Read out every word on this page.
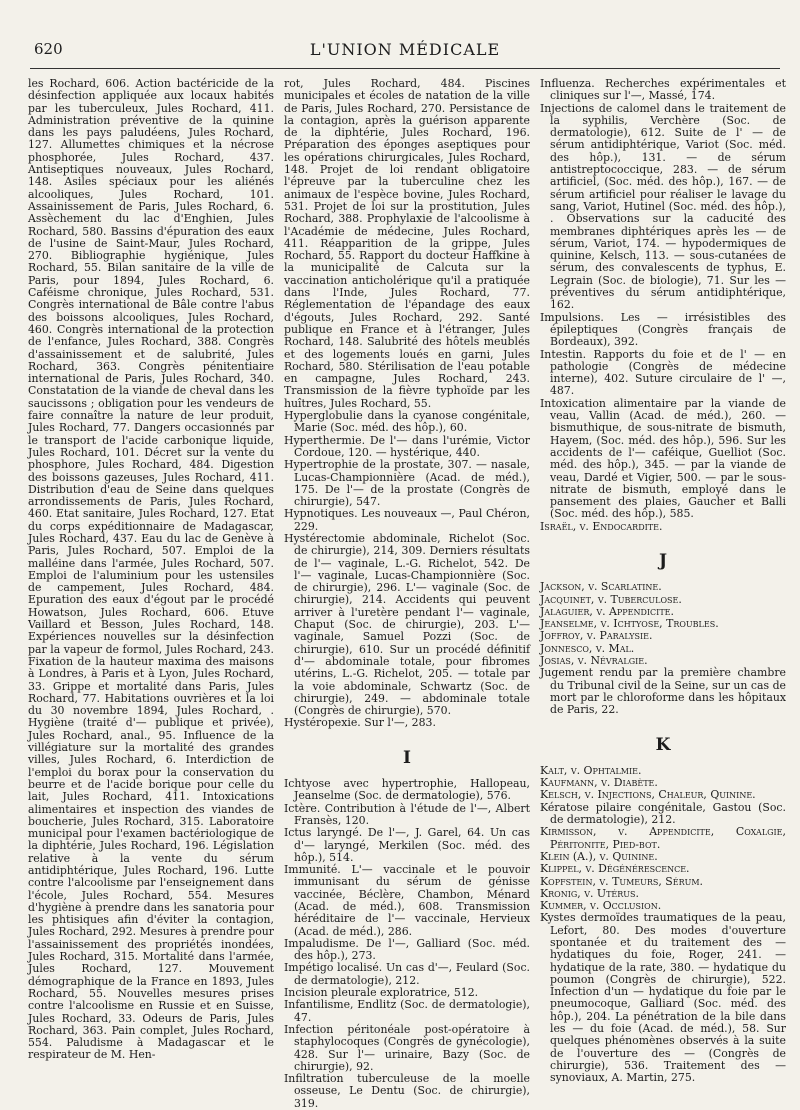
620	L'UNION MÉDICALE

les Rochard, 606. Action bactéricide de la désinfection appliquée aux locaux habités par les tuberculeux, Jules Rochard, 411. Administration préventive de la quinine dans les pays paludéens, Jules Rochard, 127. Allumettes chimiques et la nécrose phosphorée, Jules Rochard, 437. Antiseptiques nouveaux, Jules Rochard, 148. Asiles spéciaux pour les aliénés alcooliques, Jules Rochard, 101. Assainissement de Paris, Jules Rochard, 6. Assèchement du lac d'Enghien, Jules Rochard, 580. Bassins d'épuration des eaux de l'usine de Saint-Maur, Jules Rochard, 270. Bibliographie hygiénique, Jules Rochard, 55. Bilan sanitaire de la ville de Paris, pour 1894, Jules Rochard, 6. Caféisme chronique, Jules Rochard, 531. Congrès international de Bâle contre l'abus des boissons alcooliques, Jules Rochard, 460. Congrès international de la protection de l'enfance, Jules Rochard, 388. Congrès d'assainissement et de salubrité, Jules Rochard, 363. Congrès pénitentiaire international de Paris, Jules Rochard, 340. Constatation de la viande de cheval dans les saucissons ; obligation pour les vendeurs de faire connaître la nature de leur produit, Jules Rochard, 77. Dangers occasionnés par le transport de l'acide carbonique liquide, Jules Rochard, 101. Décret sur la vente du phosphore, Jules Rochard, 484. Digestion des boissons gazeuses, Jules Rochard, 411. Distribution d'eau de Seine dans quelques arrondissements de Paris, Jules Rochard, 460. Etat sanitaire, Jules Rochard, 127. Etat du corps expéditionnaire de Madagascar, Jules Rochard, 437. Eau du lac de Genève à Paris, Jules Rochard, 507. Emploi de la malléine dans l'armée, Jules Rochard, 507. Emploi de l'aluminium pour les ustensiles de campement, Jules Rochard, 484. Epuration des eaux d'égout par le procédé Howatson, Jules Rochard, 606. Etuve Vaillard et Besson, Jules Rochard, 148. Expériences nouvelles sur la désinfection par la vapeur de formol, Jules Rochard, 243. Fixation de la hauteur maxima des maisons à Londres, à Paris et à Lyon, Jules Rochard, 33. Grippe et mortalité dans Paris, Jules Rochard, 77. Habitations ouvrières et la loi du 30 novembre 1894, Jules Rochard, . Hygiène (traité d'— publique et privée), Jules Rochard, anal., 95. Influence de la villégiature sur la mortalité des grandes villes, Jules Rochard, 6. Interdiction de l'emploi du borax pour la conservation du beurre et de l'acide borique pour celle du lait, Jules Rochard, 411. Intoxications alimentaires et inspection des viandes de boucherie, Jules Rochard, 315. Laboratoire municipal pour l'examen bactériologique de la diphtérie, Jules Rochard, 196. Législation relative à la vente du sérum antidiphtérique, Jules Rochard, 196. Lutte contre l'alcoolisme par l'enseignement dans l'école, Jules Rochard, 554. Mesures d'hygiène à prendre dans les sanatoria pour les phtisiques afin d'éviter la contagion, Jules Rochard, 292. Mesures à prendre pour l'assainissement des propriétés inondées, Jules Rochard, 315. Mortalité dans l'armée, Jules Rochard, 127. Mouvement démographique de la France en 1893, Jules Rochard, 55. Nouvelles mesures prises contre l'alcoolisme en Russie et en Suisse, Jules Rochard, 33. Odeurs de Paris, Jules Rochard, 363. Pain complet, Jules Rochard, 554. Paludisme à Madagascar et le respirateur de M. Hen-

rot, Jules Rochard, 484. Piscines municipales et écoles de natation de la ville de Paris, Jules Rochard, 270. Persistance de la contagion, après la guérison apparente de la diphtérie, Jules Rochard, 196. Préparation des éponges aseptiques pour les opérations chirurgicales, Jules Rochard, 148. Projet de loi rendant obligatoire l'épreuve par la tuberculine chez les animaux de l'espèce bovine, Jules Rochard, 531. Projet de loi sur la prostitution, Jules Rochard, 388. Prophylaxie de l'alcoolisme à l'Académie de médecine, Jules Rochard, 411. Réapparition de la grippe, Jules Rochard, 55. Rapport du docteur Haffkine à la municipalité de Calcuta sur la vaccination anticholérique qu'il a pratiquée dans l'Inde, Jules Rochard, 77. Réglementation de l'épandage des eaux d'égouts, Jules Rochard, 292. Santé publique en France et à l'étranger, Jules Rochard, 148. Salubrité des hôtels meublés et des logements loués en garni, Jules Rochard, 580. Stérilisation de l'eau potable en campagne, Jules Rochard, 243. Transmission de la fièvre typhoïde par les huîtres, Jules Rochard, 55.

Hyperglobulie dans la cyanose congénitale, Marie (Soc. méd. des hôp.), 60.

Hyperthermie. De l'— dans l'urémie, Victor Cordoue, 120. — hystérique, 440.

Hypertrophie de la prostate, 307. — nasale, Lucas-Championnière (Acad. de méd.), 175. De l'— de la prostate (Congrès de chirurgie), 547.

Hypnotiques. Les nouveaux —, Paul Chéron, 229.

Hystérectomie abdominale, Richelot (Soc. de chirurgie), 214, 309. Derniers résultats de l'— vaginale, L.-G. Richelot, 542. De l'— vaginale, Lucas-Championnière (Soc. de chirurgie), 296. L'— vaginale (Soc. de chirurgie), 214. Accidents qui peuvent arriver à l'uretère pendant l'— vaginale, Chaput (Soc. de chirurgie), 203. L'— vaginale, Samuel Pozzi (Soc. de chirurgie), 610. Sur un procédé définitif d'— abdominale totale, pour fibromes utérins, L.-G. Richelot, 205. — totale par la voie abdominale, Schwartz (Soc. de chirurgie), 249. — abdominale totale (Congrès de chirurgie), 570.

Hystéropexie. Sur l'—, 283.

I

Ichtyose avec hypertrophie, Hallopeau, Jeanselme (Soc. de dermatologie), 576.

Ictère. Contribution à l'étude de l'—, Albert Fransès, 120.

Ictus laryngé. De l'—, J. Garel, 64. Un cas d'— laryngé, Merkilen (Soc. méd. des hôp.), 514.

Immunité. L'— vaccinale et le pouvoir immunisant du sérum de génisse vaccinée, Béclère, Chambon, Ménard (Acad. de méd.), 608. Transmission héréditaire de l'— vaccinale, Hervieux (Acad. de méd.), 286.

Impaludisme. De l'—, Galliard (Soc. méd. des hôp.), 273.

Impétigo localisé. Un cas d'—, Feulard (Soc. de dermatologie), 212.

Incision pleurale exploratrice, 512.

Infantilisme, Endlitz (Soc. de dermatologie), 47.

Infection péritonéale post-opératoire à staphylocoques (Congrès de gynécologie), 428. Sur l'— urinaire, Bazy (Soc. de chirurgie), 92.

Infiltration tuberculeuse de la moelle osseuse, Le Dentu (Soc. de chirurgie), 319.

Influenza. Recherches expérimentales et cliniques sur l'—, Massé, 174.

Injections de calomel dans le traitement de la syphilis, Verchère (Soc. de dermatologie), 612. Suite de l' — de sérum antidiphtérique, Variot (Soc. méd. des hôp.), 131. — de sérum antistreptococcique, 283. — de sérum artificiel, (Soc. méd. des hôp.), 167. — de sérum artificiel pour réaliser le lavage du sang, Variot, Hutinel (Soc. méd. des hôp.), . Observations sur la caducité des membranes diphtériques après les — de sérum, Variot, 174. — hypodermiques de quinine, Kelsch, 113. — sous-cutanées de sérum, des convalescents de typhus, E. Legrain (Soc. de biologie), 71. Sur les — préventives du sérum antidiphtérique, 162.

Impulsions. Les — irrésistibles des épileptiques (Congrès français de Bordeaux), 392.

Intestin. Rapports du foie et de l' — en pathologie (Congrès de médecine interne), 402. Suture circulaire de l' —, 487.

Intoxication alimentaire par la viande de veau, Vallin (Acad. de méd.), 260. — bismuthique, de sous-nitrate de bismuth, Hayem, (Soc. méd. des hôp.), 596. Sur les accidents de l'— caféique, Guelliot (Soc. méd. des hôp.), 345. — par la viande de veau, Dardé et Vigier, 500. — par le sous-nitrate de bismuth, employé dans le pansement des plaies, Gaucher et Balli (Soc. méd. des hôp.), 585.

Israël, v. Endocardite.

J

Jackson, v. Scarlatine.

Jacquinet, v. Tuberculose.

Jalaguier, v. Appendicite.

Jeanselme, v. Ichtyose, Troubles.

Joffroy, v. Paralysie.

Jonnesco, v. Mal.

Josias, v. Névralgie.

Jugement rendu par la première chambre du Tribunal civil de la Seine, sur un cas de mort par le chloroforme dans les hôpitaux de Paris, 22.

K

Kalt, v. Ophtalmie.

Kaufmann, v. Diabète.

Kelsch, v. Injections, Chaleur, Quinine.

Kératose pilaire congénitale, Gastou (Soc. de dermatologie), 212.

Kirmisson, v. Appendicite, Coxalgie, Péritonite, Pied-bot.

Klein (A.), v. Quinine.

Klippel, v. Dégénérescence.

Kopfstein, v. Tumeurs, Sérum.

Kronig, v. Utérus.

Kummer, v. Occlusion.

Kystes dermoïdes traumatiques de la peau, Lefort, 80. Des modes d'ouverture spontanée et du traitement des — hydatiques du foie, Roger, 241. — hydatique de la rate, 380. — hydatique du poumon (Congrès de chirurgie), 522. Infection d'un — hydatique du foie par le pneumocoque, Galliard (Soc. méd. des hôp.), 204. La pénétration de la bile dans les — du foie (Acad. de méd.), 58. Sur quelques phénomènes observés à la suite de l'ouverture des — (Congrès de chirurgie), 536. Traitement des — synoviaux, A. Martin, 275.
